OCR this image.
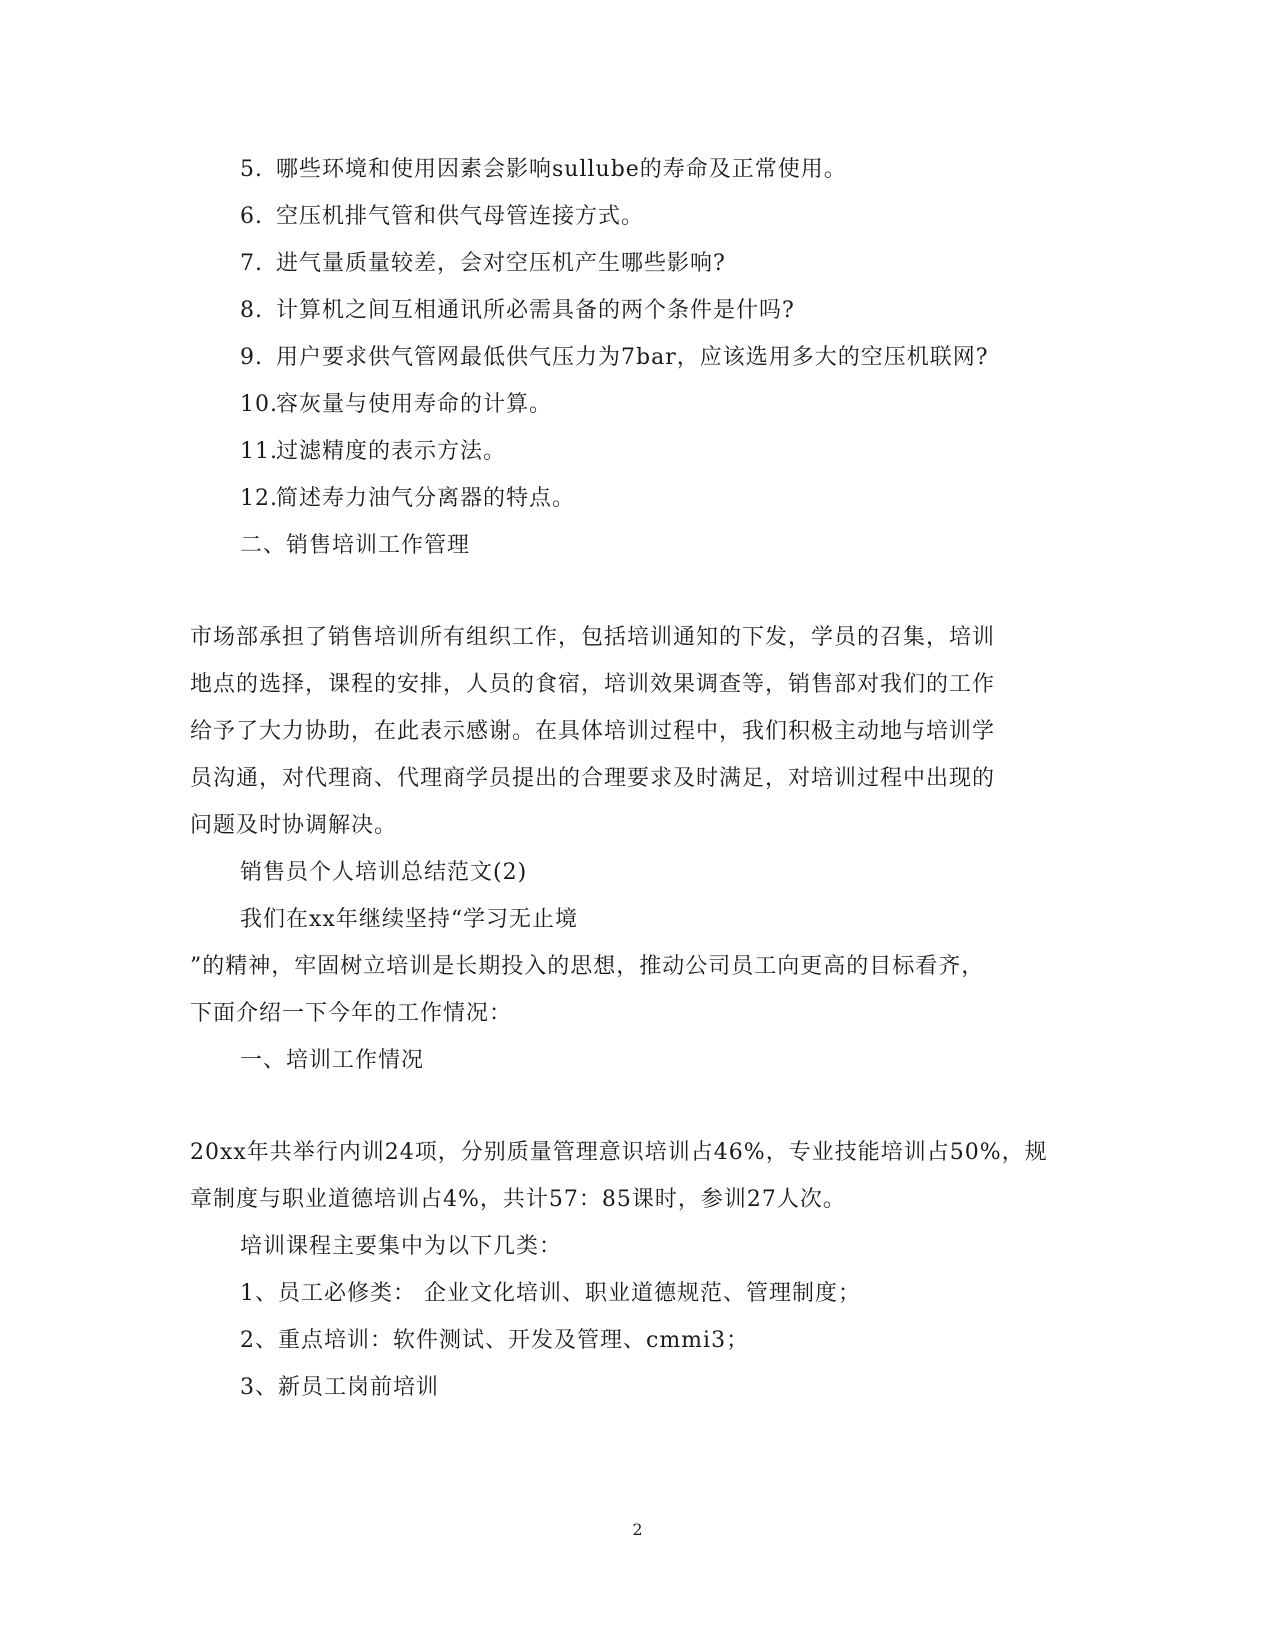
5. 哪些环境和使用因素会影响sullube的寿命及正常使用。
6. 空压机排气管和供气母管连接方式。
7. 进气量质量较差，会对空压机产生哪些影响?
8. 计算机之间互相通讯所必需具备的两个条件是什吗?
9. 用户要求供气管网最低供气压力为7bar，应该选用多大的空压机联网?
10.容灰量与使用寿命的计算。
11.过滤精度的表示方法。
12.简述寿力油气分离器的特点。
二、销售培训工作管理
市场部承担了销售培训所有组织工作，包括培训通知的下发，学员的召集，培训
地点的选择，课程的安排，人员的食宿，培训效果调查等，销售部对我们的工作
给予了大力协助，在此表示感谢。在具体培训过程中，我们积极主动地与培训学
员沟通，对代理商、代理商学员提出的合理要求及时满足，对培训过程中出现的
问题及时协调解决。
销售员个人培训总结范文(2)
我们在xx年继续坚持“学习无止境
”的精神，牢固树立培训是长期投入的思想，推动公司员工向更高的目标看齐，
下面介绍一下今年的工作情况：
一、培训工作情况
20xx年共举行内训24项，分别质量管理意识培训占46%，专业技能培训占50%，规
章制度与职业道德培训占4%，共计57：85课时，参训27人次。
培训课程主要集中为以下几类：
1、员工必修类： 企业文化培训、职业道德规范、管理制度；
2、重点培训：软件测试、开发及管理、cmmi3；
3、新员工岗前培训
2
